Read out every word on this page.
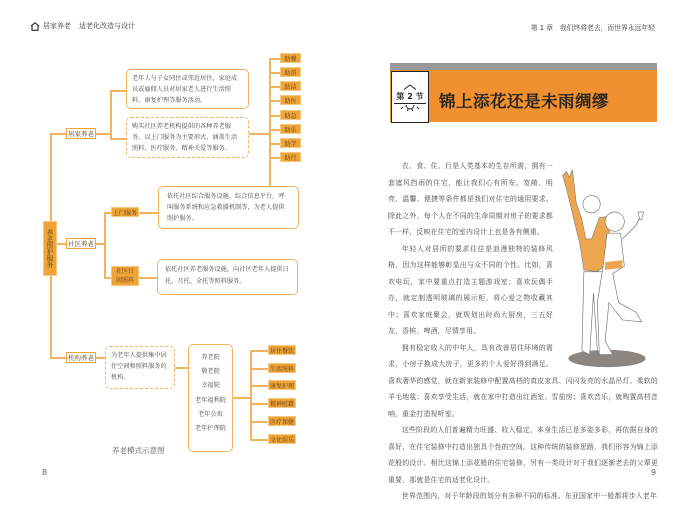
居家养老 适老化改造与设计
养老照护服务
居家养老
老年人与子女同住或邻近居住，家庭成员或雇佣人员对居家老人进行生活照料、康复护理等服务活动。
购买社区养老机构提供的各种养老服务，以上门服务为主要形式，涵盖生活照料、医疗服务、精神关爱等服务。
助餐
助浴
助洁
助医
助急
助乐
助学
助行
社区养老
上门服务
依托社区综合服务设施、综合信息平台、呼叫服务系统和应急救援机制等，为老人提供照护服务。
社区日间照料
依托社区养老服务设施，向社区老年人提供日托、月托、全托等照料服务。
机构养老	为老年人提供集中居住空间和照料服务的机构。
养老院
敬老院
幸福院
老年福利院
老年公寓
老年护理院
居住餐饮
生活照料
康复护理
精神慰藉
医疗保健
文化娱乐
养老模式示意图
8
第 1 章　我们终将老去，而世界永远年轻
第 2 节 锦上添花还是未雨绸缪

衣、食、住、行是人类基本的生存所需，拥有一套遮风挡雨的住宅，能让我们心有所安。宽敞、明亮、温馨、便捷等条件都是我们对住宅的通用要求。除此之外，每个人在不同的生命周期对房子的要求都不一样，反映在住宅的室内设计上也是各有侧重。

年轻人对居所的要求往往是浪漫独特的装修风格，因为这样能够彰显出与众不同的个性。比如，喜欢电玩，家中要重点打造主题游戏室；喜欢玩偶手办，就定制透明玻璃的展示柜，将心爱之物收藏其中；喜欢家庭聚会，就规划出时尚大厨房，三五好友，香槟、啤酒，尽情享用。

拥有稳定收入的中年人，具有改善居住环境的需求，小房子换成大房子，更多的个人爱好得到满足。喜欢奢华的感觉，就在新家装修中配置高档的真皮家具、闪闪发亮的水晶吊灯、柔软的羊毛地毯；喜欢享受生活，就在家中打造出红酒室、雪茄房；喜欢音乐，就购置高档音响，重金打造视听室。

这些阶段的人们普遍精力旺盛、收入稳定，本身生活已是多姿多彩，再依据自身的喜好，在住宅装修中打造出独具个性的空间。这种传统的装修思路，我们形容为锦上添花般的设计。相比这锦上添花般的住宅装修，另有一类设计对于我们逐渐老去的父辈更重要，那就是住宅的适老化设计。

世界范围内，对于年龄段的划分有多种不同的标准。东亚国家中一般都将步入老年

9
